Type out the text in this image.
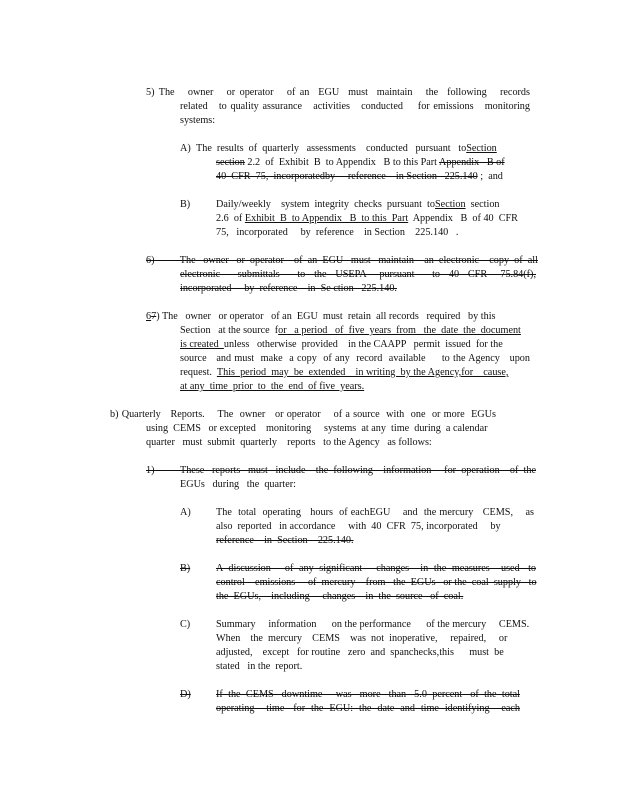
5) The   owner   or operator   of an  EGU  must  maintain   the  following   records
related   to quality assurance   activities   conducted    for emissions   monitoring
systems:
A) The  results  of  quarterly   assessments    conducted   pursuant   toSection
section 2.2  of  Exhibit  B  to Appendix   B to this Part Appendix   B of
40  CFR  75,  incorporatedby     reference    in Section   225.140 ;  and
B)	Daily/weekly    system  integrity  checks  pursuant  toSection  section
2.6  of Exhibit  B  to Appendix   B  to this  Part  Appendix   B  of 40  CFR
75,   incorporated     by  reference    in Section    225.140   .
6)          The   owner   or  operator    of  an  EGU   must   maintain    an  electronic    copy  of  all
electronic    submittals    to  the  USEPA   pursuant    to  40  CFR   75.84(f),
incorporated     by  reference    in  Se ction   225.140.
67) The   owner   or operator   of an  EGU  must  retain  all records   required   by this
Section   at the source  for   a period   of  five  years  from   the  date  the  document
is created  unless   otherwise  provided    in the CAAPP   permit  issued  for the
source   and must  make  a copy  of any  record  available     to the Agency   upon
request.  This  period  may  be  extended    in writing  by the Agency,for    cause,
at any  time  prior  to  the  end  of five  years.
b) Quarterly   Reports.    The  owner   or operator    of a source  with  one  or more  EGUs
using  CEMS   or excepted    monitoring     systems  at any  time  during  a calendar
quarter   must  submit  quarterly    reports   to the Agency   as follows:
1)          These   reports   must   include    the  following    information     for  operation    of  the
EGUs   during   the  quarter:
A) The  total  operating   hours  of eachEGU    and  the mercury   CEMS,    as
also  reported   in accordance     with  40  CFR  75, incorporated     by
reference    in  Section    225.140.
B)	A  discussion     of  any  significant     changes    in  the  measures    used   to
control    emissions     of  mercury    from   the  EGUs   or the  coal  supply   to
the  EGUs,    including     changes    in  the  source   of  coal.
C)	Summary     information      on the performance      of the mercury     CEMS.
When    the  mercury    CEMS    was  not  inoperative,     repaired,     or
adjusted,    except   for routine   zero  and  spanchecks,this      must  be
stated   in the  report.
D) If  the  CEMS   downtime     was   more   than   5.0  percent   of  the  total
operating    time   for  the  EGU:  the  date  and  time  identifying    each
